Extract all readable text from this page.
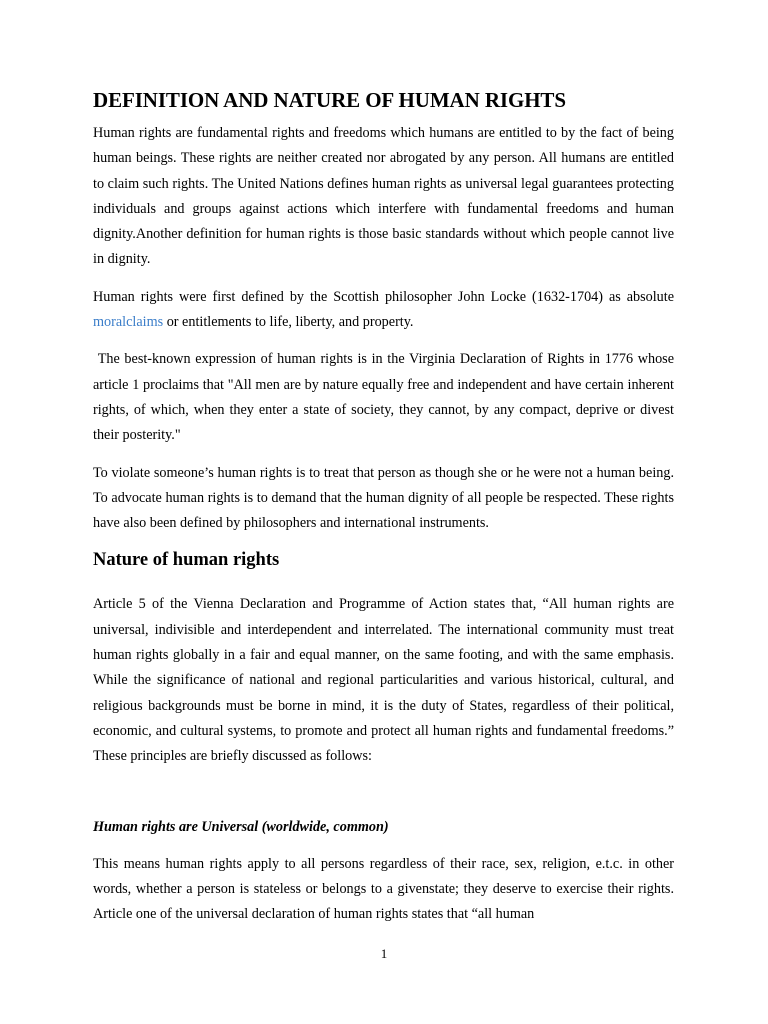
DEFINITION AND NATURE OF HUMAN RIGHTS

Human rights are fundamental rights and freedoms which humans are entitled to by the fact of being human beings. These rights are neither created nor abrogated by any person. All humans are entitled to claim such rights. The United Nations defines human rights as universal legal guarantees protecting individuals and groups against actions which interfere with fundamental freedoms and human dignity.Another definition for human rights is those basic standards without which people cannot live in dignity.

Human rights were first defined by the Scottish philosopher John Locke (1632-1704) as absolute moralclaims or entitlements to life, liberty, and property.

The best-known expression of human rights is in the Virginia Declaration of Rights in 1776 whose article 1 proclaims that "All men are by nature equally free and independent and have certain inherent rights, of which, when they enter a state of society, they cannot, by any compact, deprive or divest their posterity."

To violate someone’s human rights is to treat that person as though she or he were not a human being. To advocate human rights is to demand that the human dignity of all people be respected. These rights have also been defined by philosophers and international instruments.

Nature of human rights

Article 5 of the Vienna Declaration and Programme of Action states that, “All human rights are universal, indivisible and interdependent and interrelated. The international community must treat human rights globally in a fair and equal manner, on the same footing, and with the same emphasis. While the significance of national and regional particularities and various historical, cultural, and religious backgrounds must be borne in mind, it is the duty of States, regardless of their political, economic, and cultural systems, to promote and protect all human rights and fundamental freedoms.” These principles are briefly discussed as follows:

Human rights are Universal (worldwide, common)

This means human rights apply to all persons regardless of their race, sex, religion, e.t.c. in other words, whether a person is stateless or belongs to a givenstate; they deserve to exercise their rights. Article one of the universal declaration of human rights states that “all human

1
